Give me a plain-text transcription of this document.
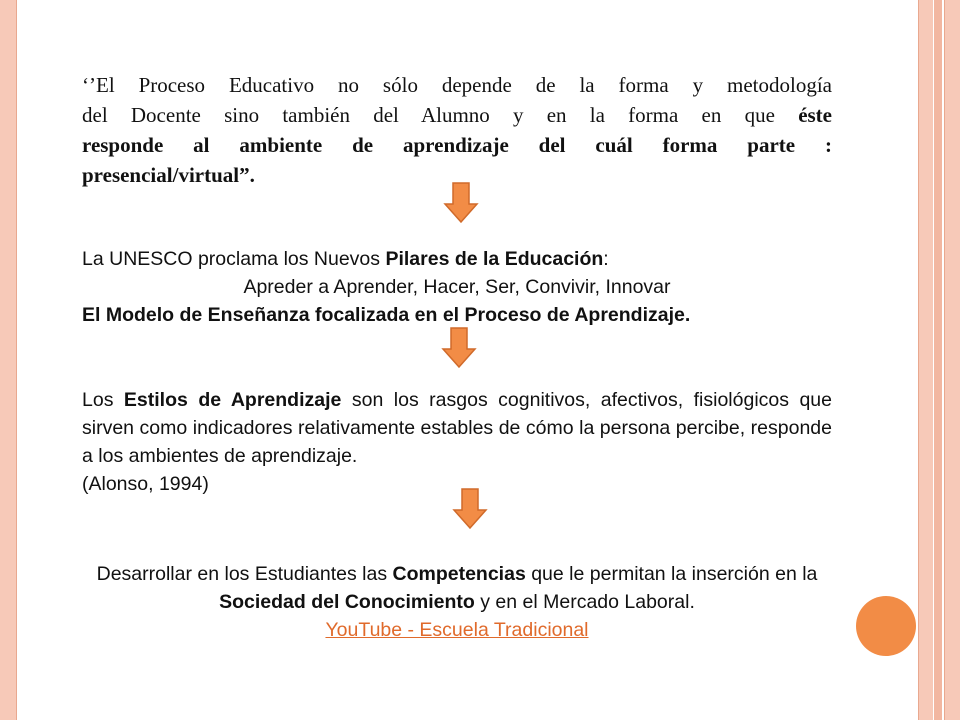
‘’El Proceso Educativo no sólo depende de la forma y metodología
del Docente sino también del Alumno y en la forma en que éste
responde al ambiente de aprendizaje del cuál forma parte :
presencial/virtual”.
La UNESCO proclama los Nuevos Pilares de la Educación:
Apreder a Aprender, Hacer, Ser, Convivir, Innovar
El Modelo de Enseñanza focalizada en el Proceso de Aprendizaje.
Los Estilos de Aprendizaje son los rasgos cognitivos, afectivos, fisiológicos que sirven como indicadores relativamente estables de cómo la persona percibe, responde a los ambientes de aprendizaje.
(Alonso, 1994)
Desarrollar en los Estudiantes las Competencias que le permitan la inserción en la Sociedad del Conocimiento y en el Mercado Laboral.
YouTube - Escuela Tradicional
